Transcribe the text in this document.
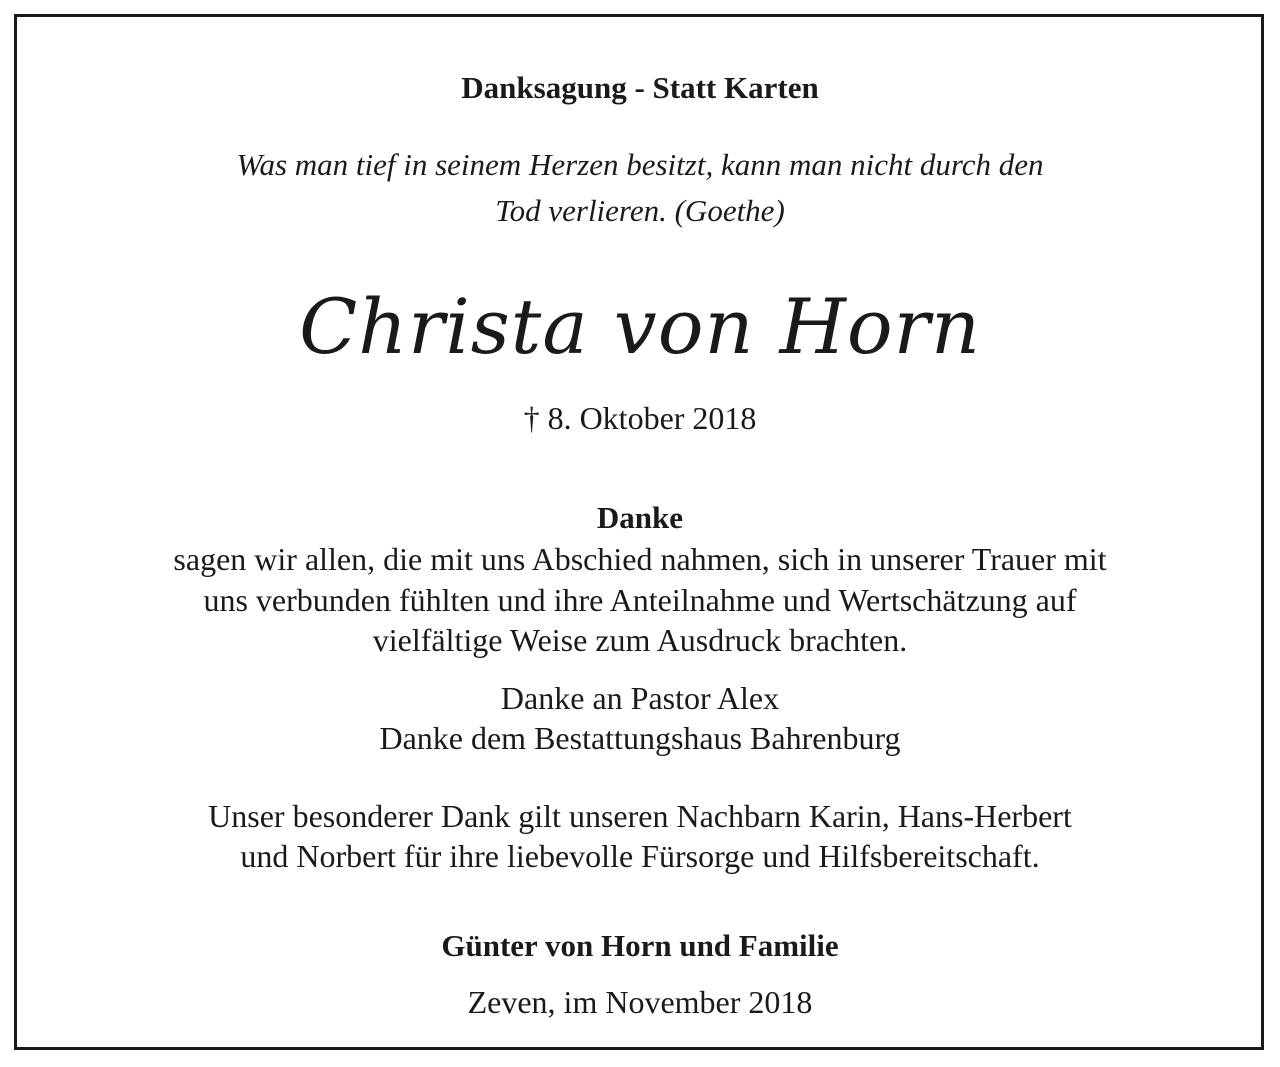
Danksagung - Statt Karten
Was man tief in seinem Herzen besitzt, kann man nicht durch den
Tod verlieren. (Goethe)
Christa von Horn
† 8. Oktober 2018
Danke
sagen wir allen, die mit uns Abschied nahmen, sich in unserer Trauer mit
uns verbunden fühlten und ihre Anteilnahme und Wertschätzung auf
vielfältige Weise zum Ausdruck brachten.
Danke an Pastor Alex
Danke dem Bestattungshaus Bahrenburg
Unser besonderer Dank gilt unseren Nachbarn Karin, Hans-Herbert
und Norbert für ihre liebevolle Fürsorge und Hilfsbereitschaft.
Günter von Horn und Familie
Zeven, im November 2018
